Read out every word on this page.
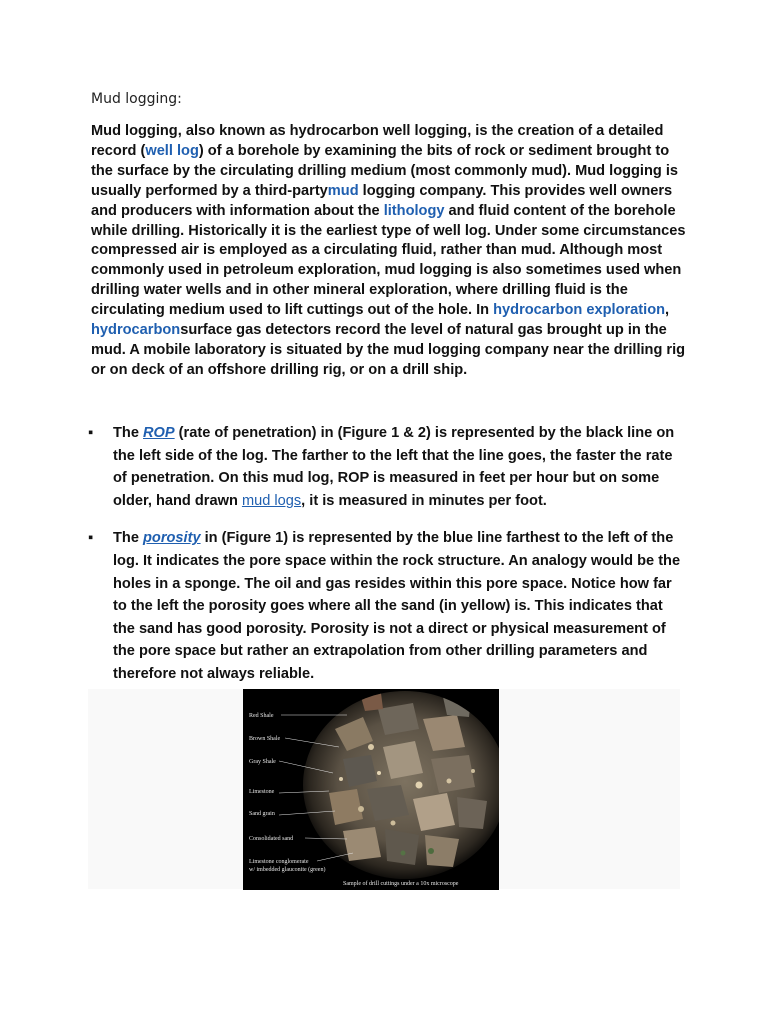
Mud logging:

Mud logging, also known as hydrocarbon well logging, is the creation of a detailed record (well log) of a borehole by examining the bits of rock or sediment brought to the surface by the circulating drilling medium (most commonly mud). Mud logging is usually performed by a third-partymud logging company. This provides well owners and producers with information about the lithology and fluid content of the borehole while drilling. Historically it is the earliest type of well log. Under some circumstances compressed air is employed as a circulating fluid, rather than mud. Although most commonly used in petroleum exploration, mud logging is also sometimes used when drilling water wells and in other mineral exploration, where drilling fluid is the circulating medium used to lift cuttings out of the hole. In hydrocarbon exploration, hydrocarbonsurface gas detectors record the level of natural gas brought up in the mud. A mobile laboratory is situated by the mud logging company near the drilling rig or on deck of an offshore drilling rig, or on a drill ship.

▪ The ROP (rate of penetration) in (Figure 1 & 2) is represented by the black line on the left side of the log. The farther to the left that the line goes, the faster the rate of penetration. On this mud log, ROP is measured in feet per hour but on some older, hand drawn mud logs, it is measured in minutes per foot.
▪ The porosity in (Figure 1) is represented by the blue line farthest to the left of the log. It indicates the pore space within the rock structure. An analogy would be the holes in a sponge. The oil and gas resides within this pore space. Notice how far to the left the porosity goes where all the sand (in yellow) is. This indicates that the sand has good porosity. Porosity is not a direct or physical measurement of the pore space but rather an extrapolation from other drilling parameters and therefore not always reliable.
Red Shale
Brown Shale
Gray Shale
Limestone
Sand grain
Consolidated sand
Limestone conglomerate
w/ imbedded glauconite (green)
Sample of drill cuttings under a 10x microscope
